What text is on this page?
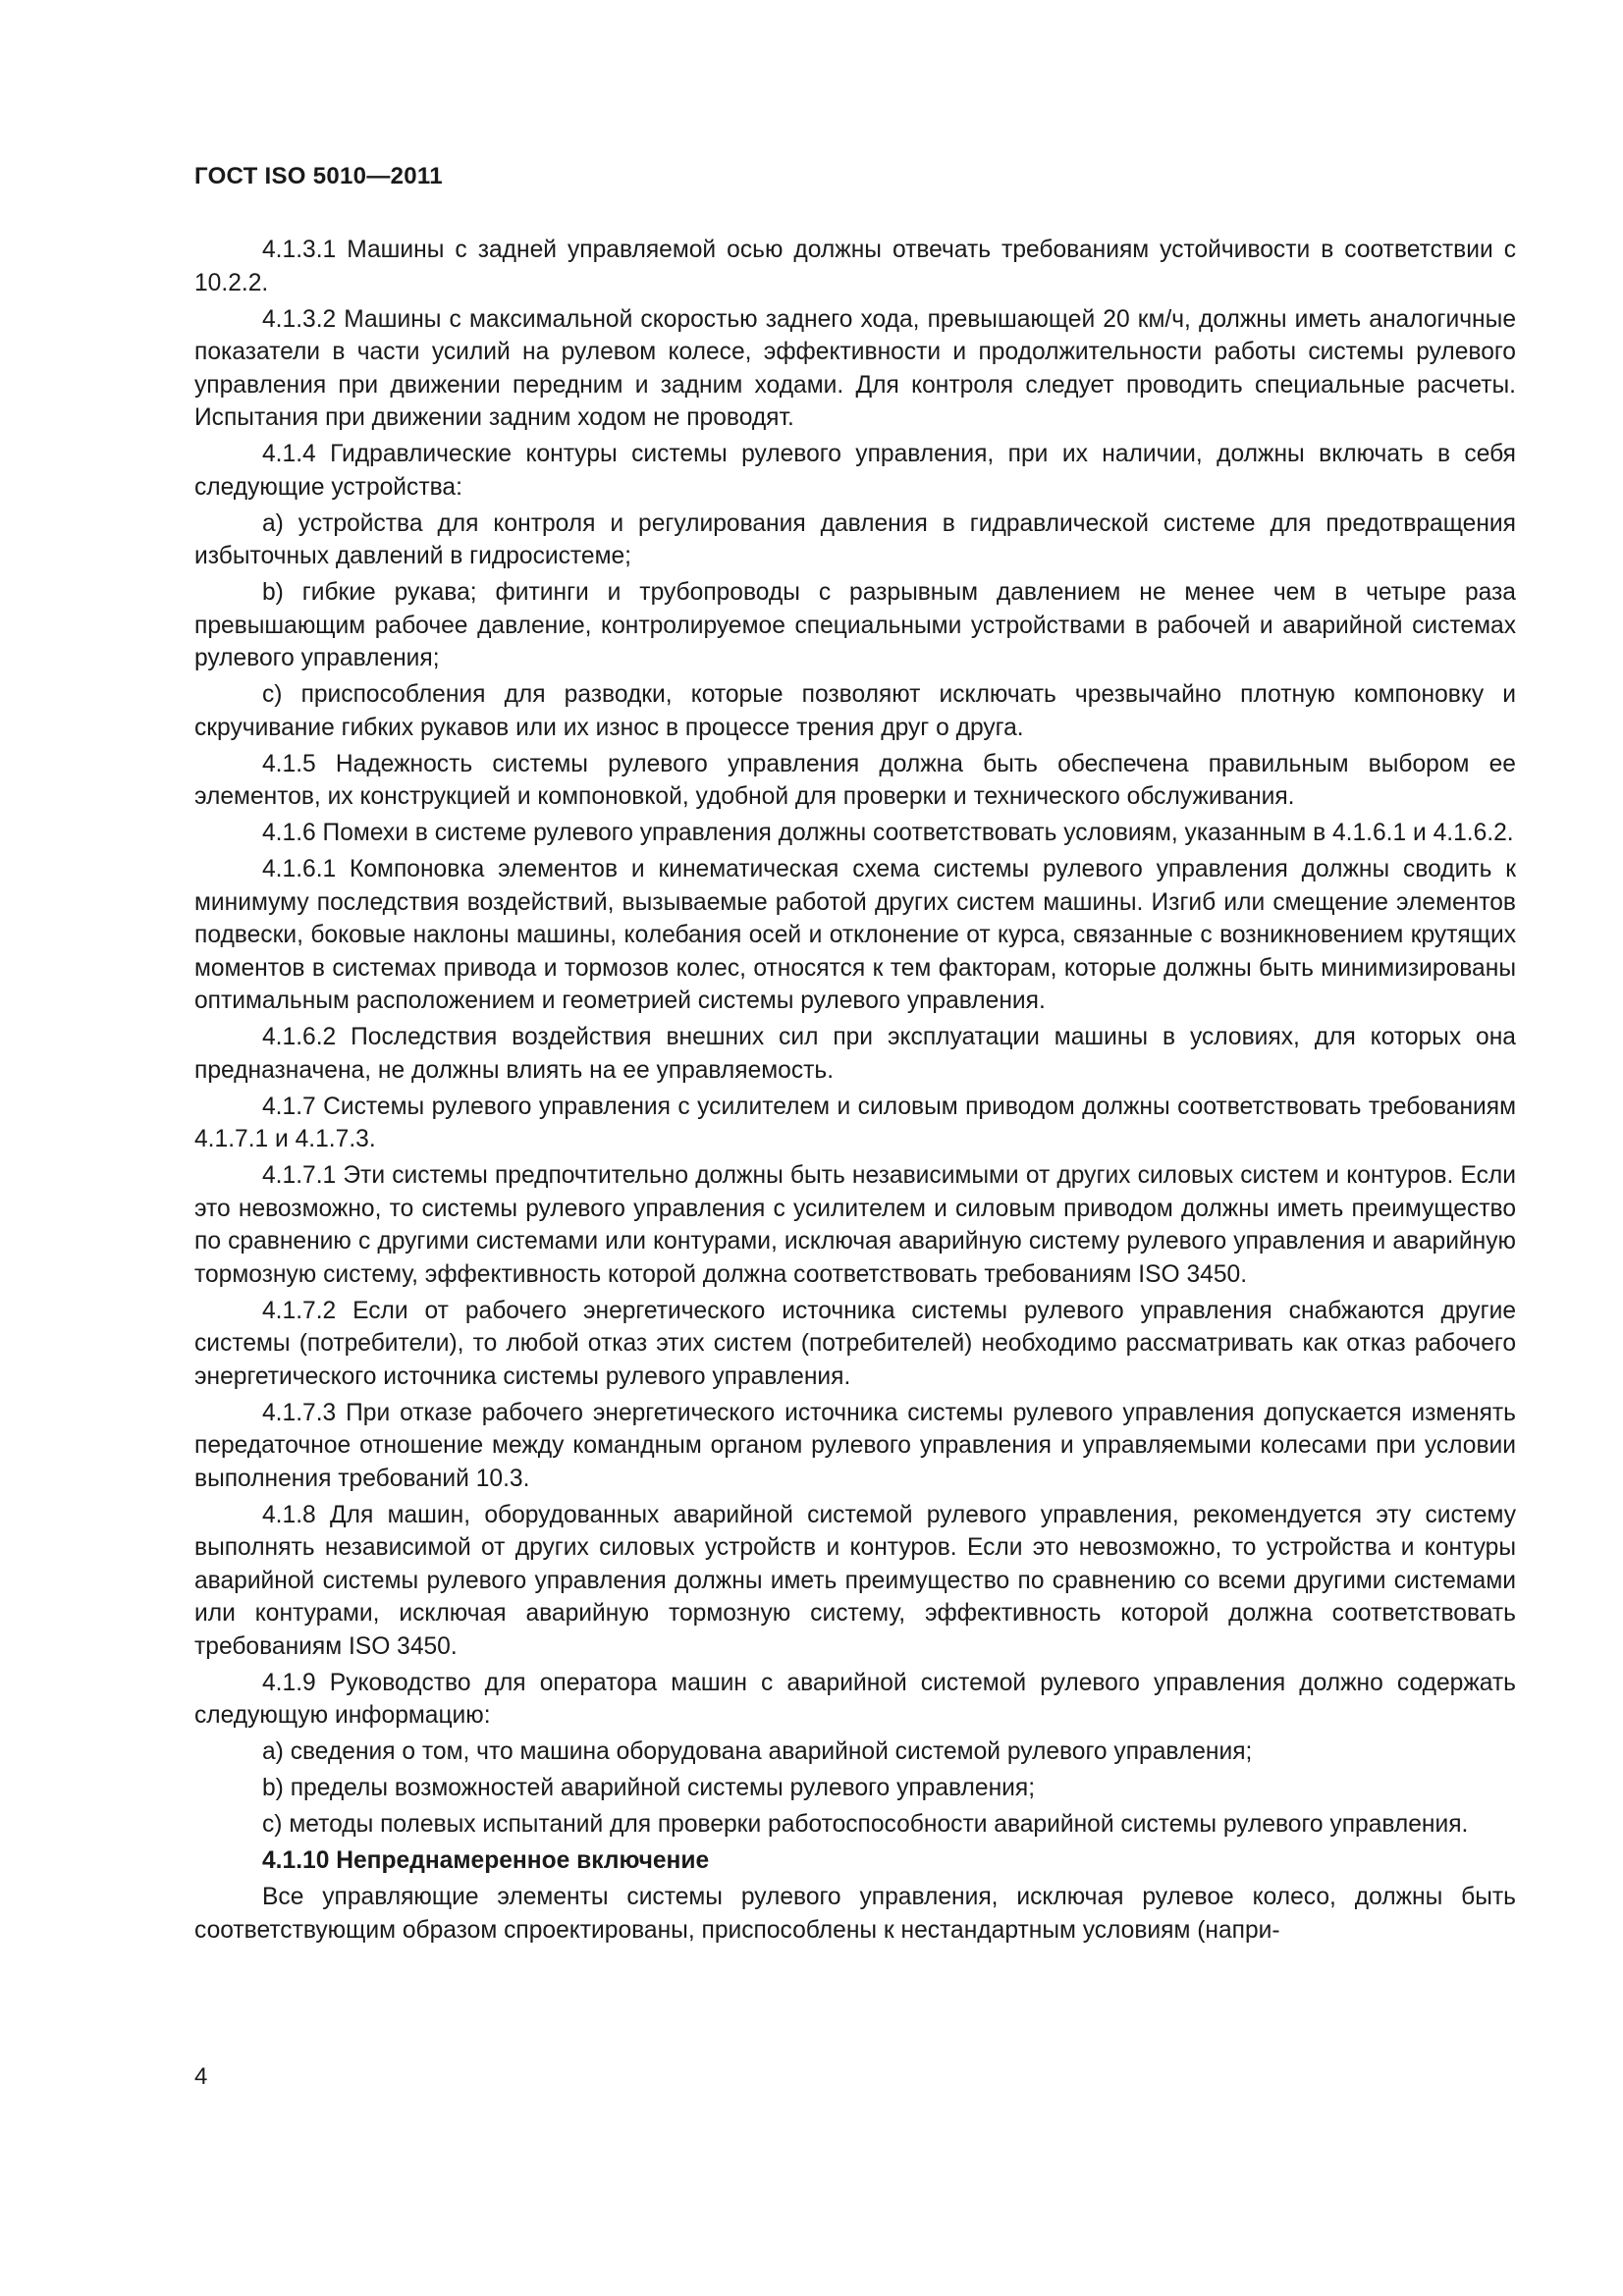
ГОСТ ISO 5010—2011

4.1.3.1 Машины с задней управляемой осью должны отвечать требованиям устойчивости в соответствии с 10.2.2.

4.1.3.2 Машины с максимальной скоростью заднего хода, превышающей 20 км/ч, должны иметь аналогичные показатели в части усилий на рулевом колесе, эффективности и продолжительности работы системы рулевого управления при движении передним и задним ходами. Для контроля следует проводить специальные расчеты. Испытания при движении задним ходом не проводят.

4.1.4 Гидравлические контуры системы рулевого управления, при их наличии, должны включать в себя следующие устройства:

a) устройства для контроля и регулирования давления в гидравлической системе для предотвращения избыточных давлений в гидросистеме;

b) гибкие рукава; фитинги и трубопроводы с разрывным давлением не менее чем в четыре раза превышающим рабочее давление, контролируемое специальными устройствами в рабочей и аварийной системах рулевого управления;

c) приспособления для разводки, которые позволяют исключать чрезвычайно плотную компоновку и скручивание гибких рукавов или их износ в процессе трения друг о друга.

4.1.5 Надежность системы рулевого управления должна быть обеспечена правильным выбором ее элементов, их конструкцией и компоновкой, удобной для проверки и технического обслуживания.

4.1.6 Помехи в системе рулевого управления должны соответствовать условиям, указанным в 4.1.6.1 и 4.1.6.2.

4.1.6.1 Компоновка элементов и кинематическая схема системы рулевого управления должны сводить к минимуму последствия воздействий, вызываемые работой других систем машины. Изгиб или смещение элементов подвески, боковые наклоны машины, колебания осей и отклонение от курса, связанные с возникновением крутящих моментов в системах привода и тормозов колес, относятся к тем факторам, которые должны быть минимизированы оптимальным расположением и геометрией системы рулевого управления.

4.1.6.2 Последствия воздействия внешних сил при эксплуатации машины в условиях, для которых она предназначена, не должны влиять на ее управляемость.

4.1.7 Системы рулевого управления с усилителем и силовым приводом должны соответствовать требованиям 4.1.7.1 и 4.1.7.3.

4.1.7.1 Эти системы предпочтительно должны быть независимыми от других силовых систем и контуров. Если это невозможно, то системы рулевого управления с усилителем и силовым приводом должны иметь преимущество по сравнению с другими системами или контурами, исключая аварийную систему рулевого управления и аварийную тормозную систему, эффективность которой должна соответствовать требованиям ISO 3450.

4.1.7.2 Если от рабочего энергетического источника системы рулевого управления снабжаются другие системы (потребители), то любой отказ этих систем (потребителей) необходимо рассматривать как отказ рабочего энергетического источника системы рулевого управления.

4.1.7.3 При отказе рабочего энергетического источника системы рулевого управления допускается изменять передаточное отношение между командным органом рулевого управления и управляемыми колесами при условии выполнения требований 10.3.

4.1.8 Для машин, оборудованных аварийной системой рулевого управления, рекомендуется эту систему выполнять независимой от других силовых устройств и контуров. Если это невозможно, то устройства и контуры аварийной системы рулевого управления должны иметь преимущество по сравнению со всеми другими системами или контурами, исключая аварийную тормозную систему, эффективность которой должна соответствовать требованиям ISO 3450.

4.1.9 Руководство для оператора машин с аварийной системой рулевого управления должно содержать следующую информацию:

a) сведения о том, что машина оборудована аварийной системой рулевого управления;

b) пределы возможностей аварийной системы рулевого управления;

c) методы полевых испытаний для проверки работоспособности аварийной системы рулевого управления.

4.1.10 Непреднамеренное включение

Все управляющие элементы системы рулевого управления, исключая рулевое колесо, должны быть соответствующим образом спроектированы, приспособлены к нестандартным условиям (напри-

4
